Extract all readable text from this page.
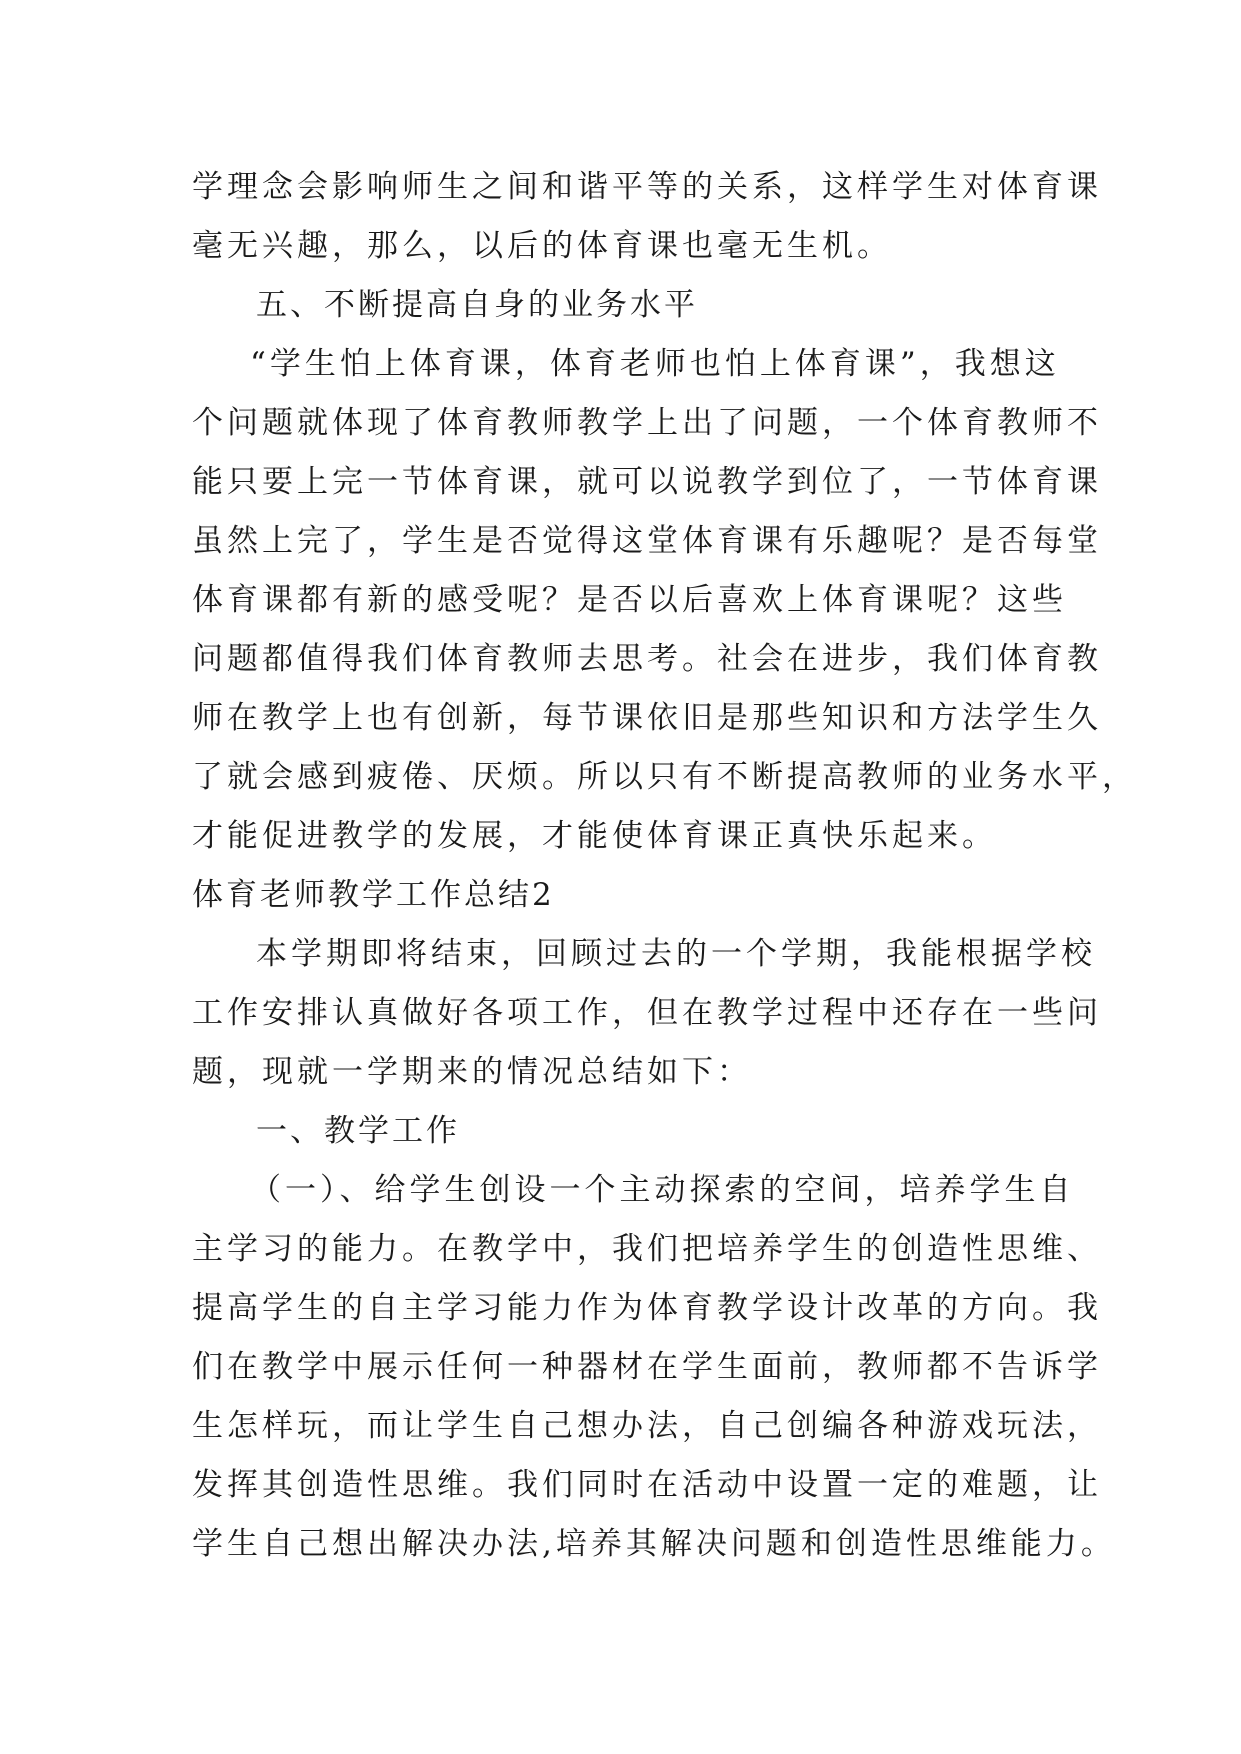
学理念会影响师生之间和谐平等的关系，这样学生对体育课
毫无兴趣，那么，以后的体育课也毫无生机。
五、不断提高自身的业务水平
“学生怕上体育课，体育老师也怕上体育课”，我想这
个问题就体现了体育教师教学上出了问题，一个体育教师不
能只要上完一节体育课，就可以说教学到位了，一节体育课
虽然上完了，学生是否觉得这堂体育课有乐趣呢？是否每堂
体育课都有新的感受呢？是否以后喜欢上体育课呢？这些
问题都值得我们体育教师去思考。社会在进步，我们体育教
师在教学上也有创新，每节课依旧是那些知识和方法学生久
了就会感到疲倦、厌烦。所以只有不断提高教师的业务水平，
才能促进教学的发展，才能使体育课正真快乐起来。
体育老师教学工作总结2
本学期即将结束，回顾过去的一个学期，我能根据学校
工作安排认真做好各项工作，但在教学过程中还存在一些问
题，现就一学期来的情况总结如下：
一、教学工作
（一）、给学生创设一个主动探索的空间，培养学生自
主学习的能力。在教学中，我们把培养学生的创造性思维、
提高学生的自主学习能力作为体育教学设计改革的方向。我
们在教学中展示任何一种器材在学生面前，教师都不告诉学
生怎样玩，而让学生自己想办法，自己创编各种游戏玩法，
发挥其创造性思维。我们同时在活动中设置一定的难题，让
学生自己想出解决办法,培养其解决问题和创造性思维能力。
